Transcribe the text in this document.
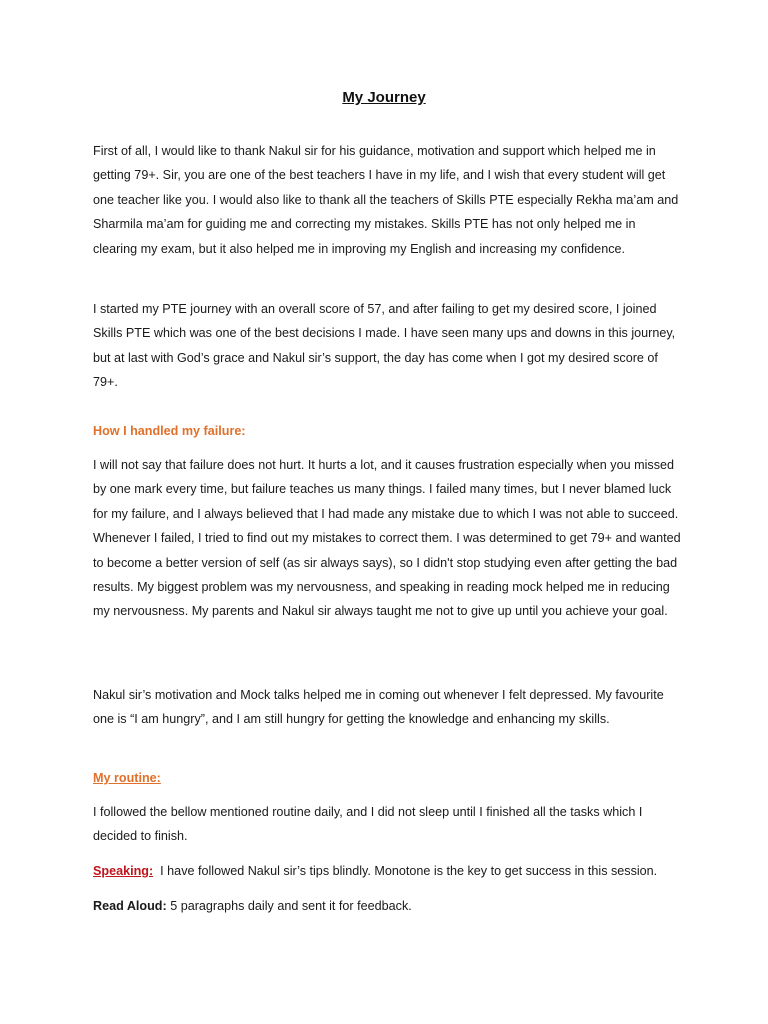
My Journey
First of all, I would like to thank Nakul sir for his guidance, motivation and support which helped me in getting 79+. Sir, you are one of the best teachers I have in my life, and I wish that every student will get one teacher like you. I would also like to thank all the teachers of Skills PTE especially Rekha ma’am and Sharmila ma’am for guiding me and correcting my mistakes. Skills PTE has not only helped me in clearing my exam, but it also helped me in improving my English and increasing my confidence.
I started my PTE journey with an overall score of 57, and after failing to get my desired score, I joined Skills PTE which was one of the best decisions I made. I have seen many ups and downs in this journey, but at last with God’s grace and Nakul sir’s support, the day has come when I got my desired score of 79+.
How I handled my failure:
I will not say that failure does not hurt. It hurts a lot, and it causes frustration especially when you missed by one mark every time, but failure teaches us many things. I failed many times, but I never blamed luck for my failure, and I always believed that I had made any mistake due to which I was not able to succeed. Whenever I failed, I tried to find out my mistakes to correct them. I was determined to get 79+ and wanted to become a better version of self (as sir always says), so I didn't stop studying even after getting the bad results. My biggest problem was my nervousness, and speaking in reading mock helped me in reducing my nervousness. My parents and Nakul sir always taught me not to give up until you achieve your goal.
Nakul sir’s motivation and Mock talks helped me in coming out whenever I felt depressed. My favourite one is “I am hungry”, and I am still hungry for getting the knowledge and enhancing my skills.
My routine:
I followed the bellow mentioned routine daily, and I did not sleep until I finished all the tasks which I decided to finish.
Speaking:  I have followed Nakul sir’s tips blindly. Monotone is the key to get success in this session.
Read Aloud: 5 paragraphs daily and sent it for feedback.
